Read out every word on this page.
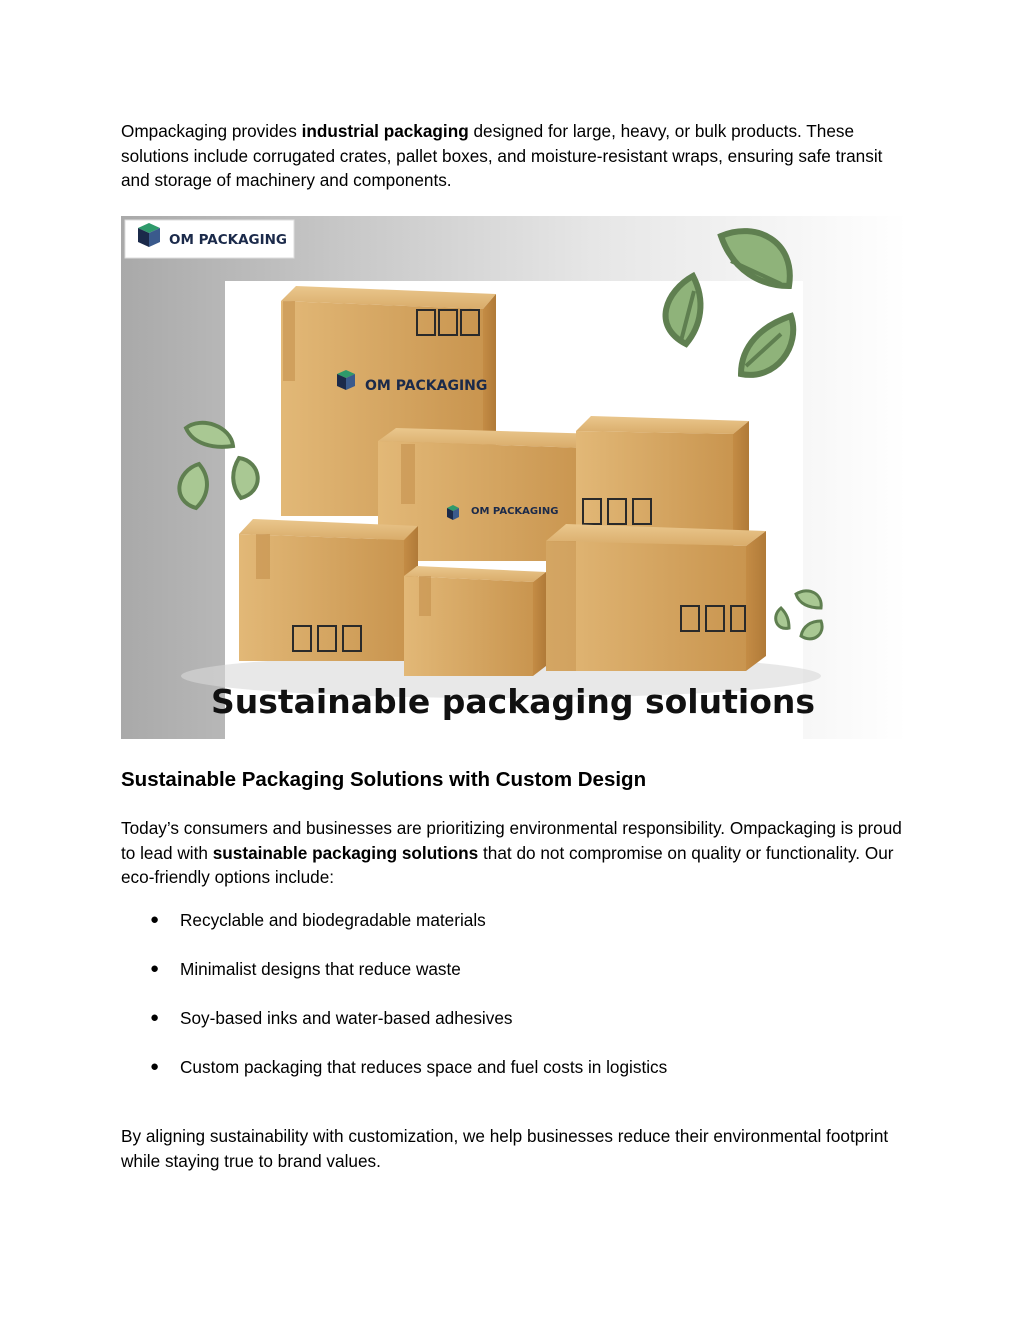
Ompackaging provides industrial packaging designed for large, heavy, or bulk products. These solutions include corrugated crates, pallet boxes, and moisture-resistant wraps, ensuring safe transit and storage of machinery and components.

OM PACKAGING
OM PACKAGING
OM PACKAGING
Sustainable packaging solutions
Sustainable Packaging Solutions with Custom Design

Today’s consumers and businesses are prioritizing environmental responsibility. Ompackaging is proud to lead with sustainable packaging solutions that do not compromise on quality or functionality. Our eco-friendly options include:

● Recyclable and biodegradable materials
● Minimalist designs that reduce waste
● Soy-based inks and water-based adhesives
● Custom packaging that reduces space and fuel costs in logistics

By aligning sustainability with customization, we help businesses reduce their environmental footprint while staying true to brand values.
